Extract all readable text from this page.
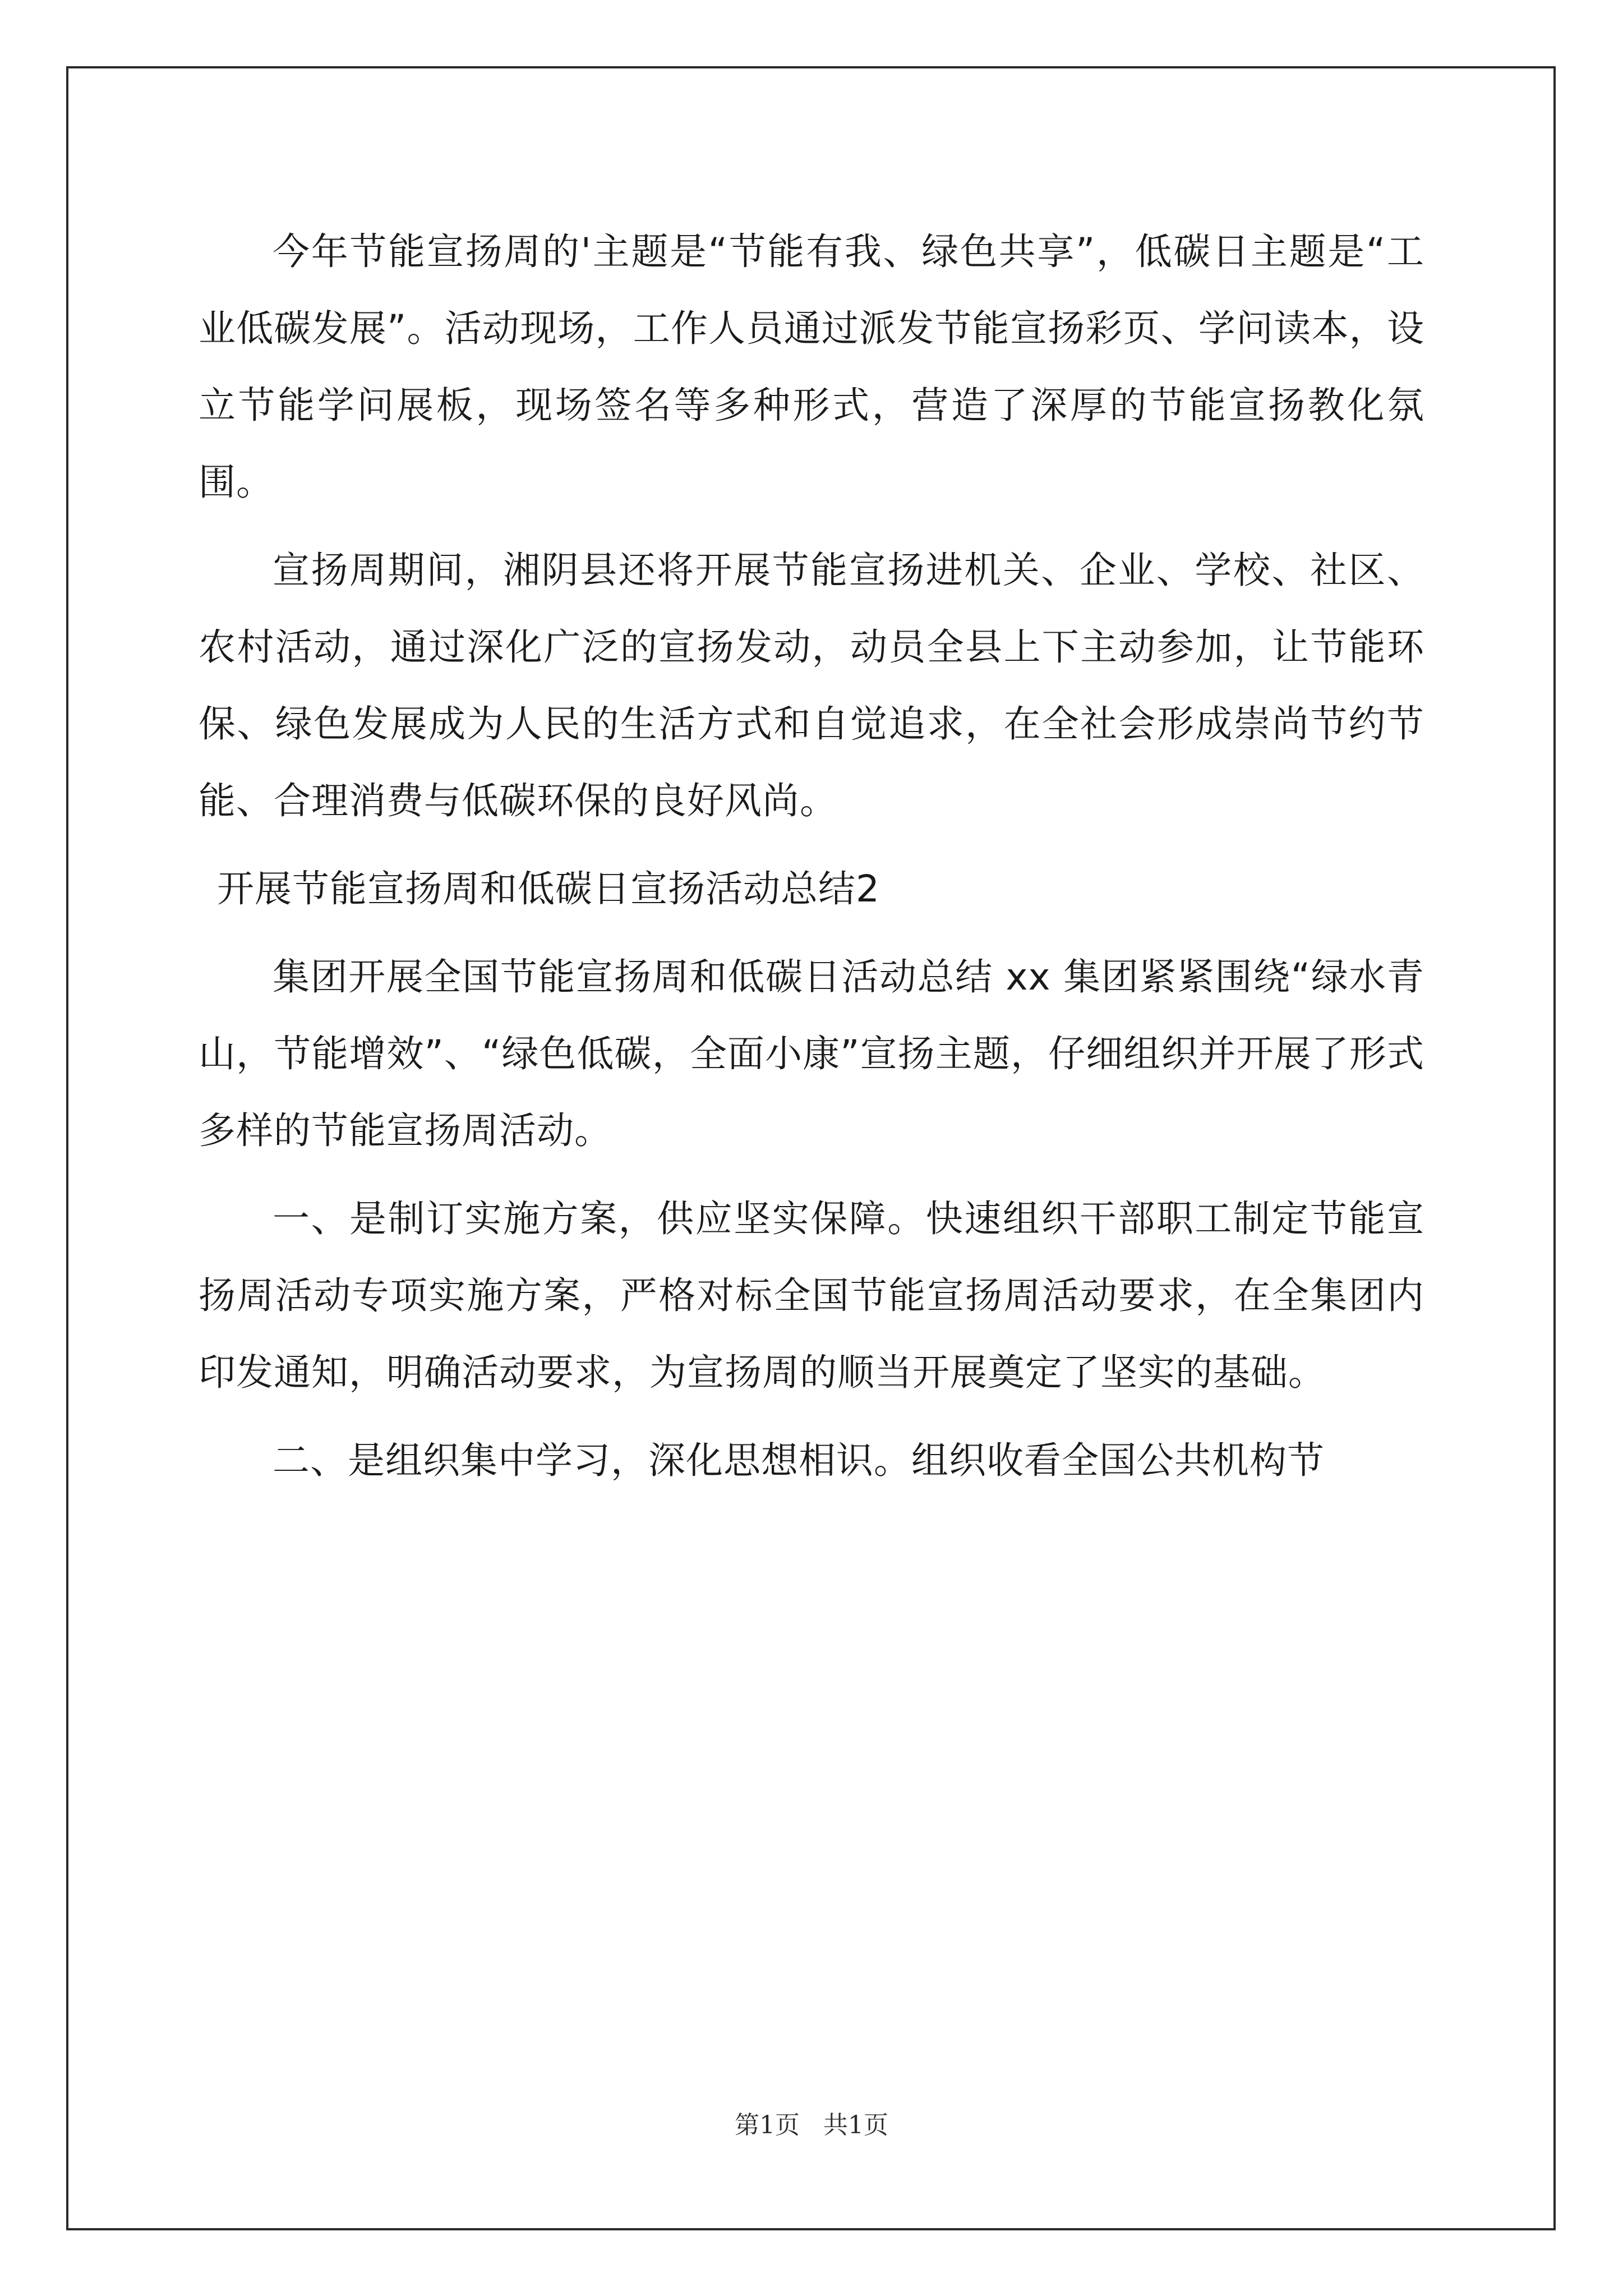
今年节能宣扬周的'主题是“节能有我、绿色共享”，低碳日主题是“工业低碳发展”。活动现场，工作人员通过派发节能宣扬彩页、学问读本，设立节能学问展板，现场签名等多种形式，营造了深厚的节能宣扬教化氛围。

宣扬周期间，湘阴县还将开展节能宣扬进机关、企业、学校、社区、农村活动，通过深化广泛的宣扬发动，动员全县上下主动参加，让节能环保、绿色发展成为人民的生活方式和自觉追求，在全社会形成崇尚节约节能、合理消费与低碳环保的良好风尚。

开展节能宣扬周和低碳日宣扬活动总结2

集团开展全国节能宣扬周和低碳日活动总结 xx 集团紧紧围绕“绿水青山，节能增效”、“绿色低碳，全面小康”宣扬主题，仔细组织并开展了形式多样的节能宣扬周活动。

一、是制订实施方案，供应坚实保障。快速组织干部职工制定节能宣扬周活动专项实施方案，严格对标全国节能宣扬周活动要求，在全集团内印发通知，明确活动要求，为宣扬周的顺当开展奠定了坚实的基础。

二、是组织集中学习，深化思想相识。组织收看全国公共机构节

第1页   共1页
